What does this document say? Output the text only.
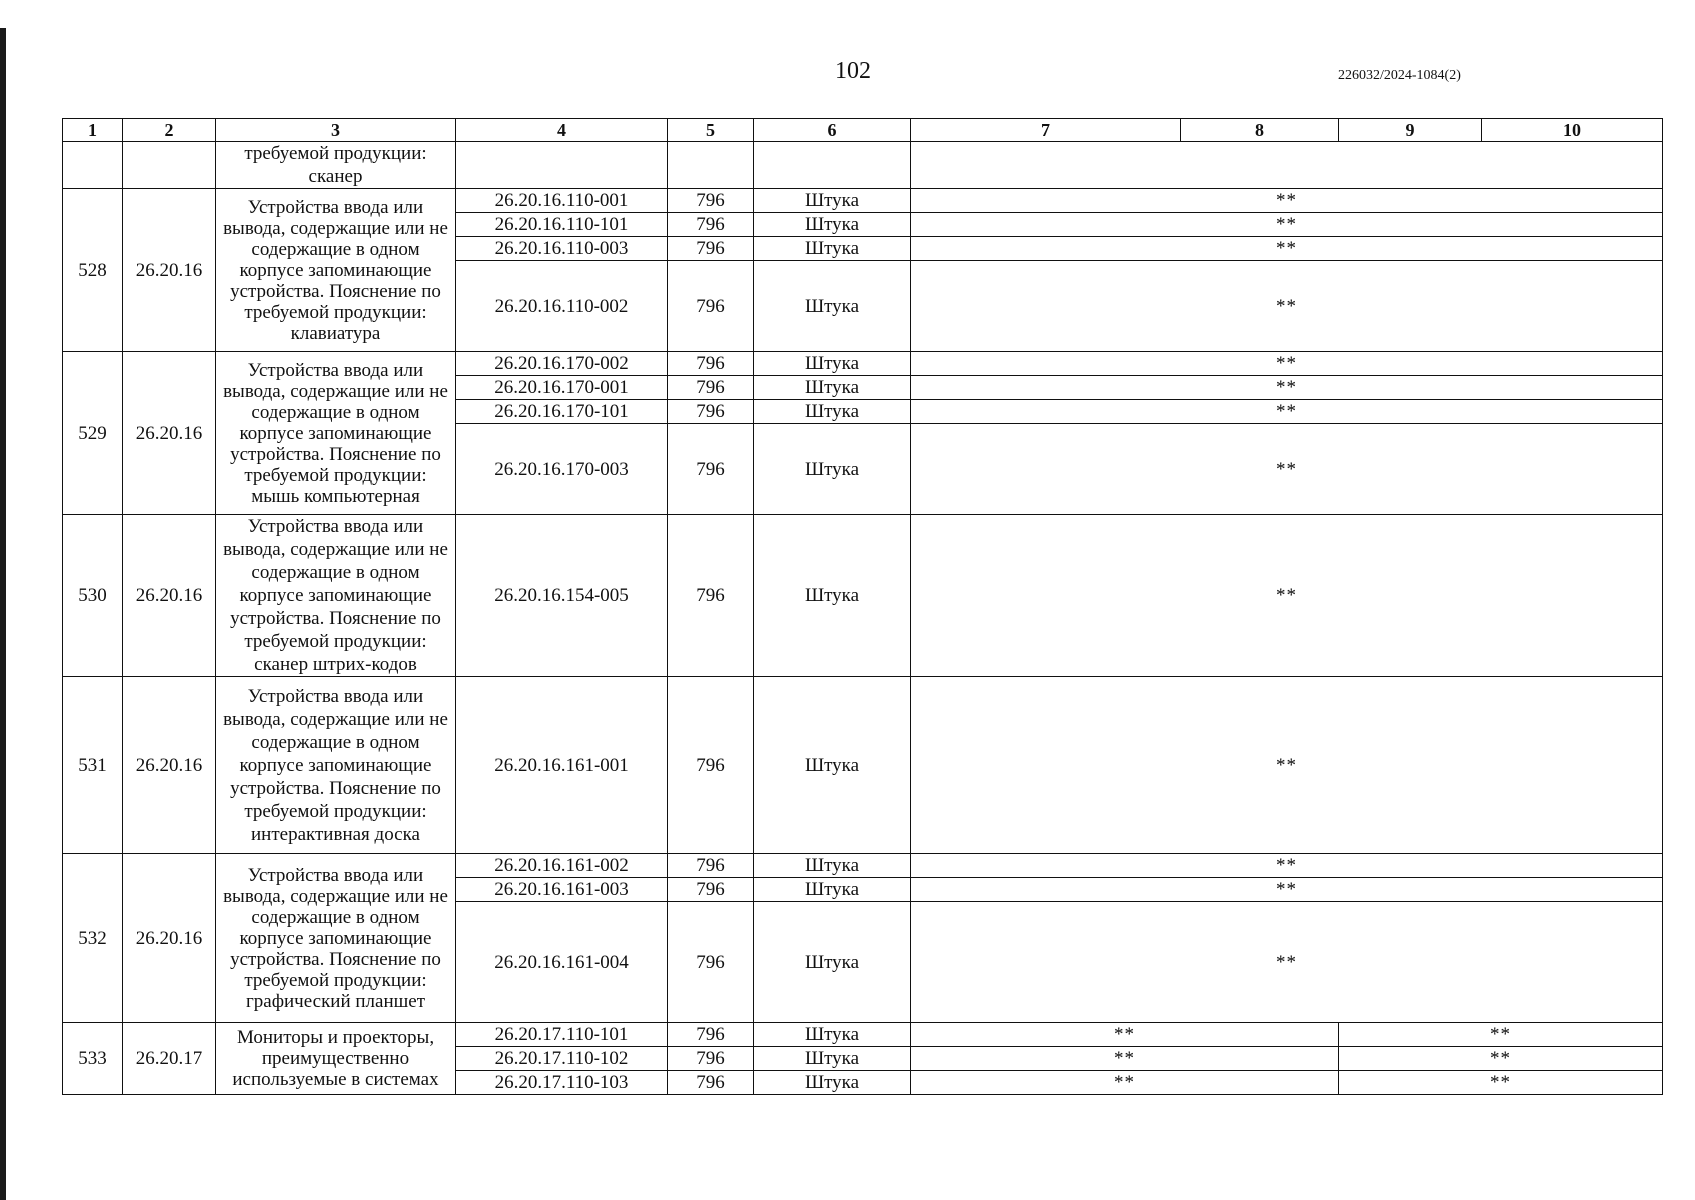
102	226032/2024-1084(2)
1	2	3	4	5	6	7	8	9	10
		требуемой продукции: сканер							
528	26.20.16	Устройства ввода или вывода, содержащие или не содержащие в одном корпусе запоминающие устройства. Пояснение по требуемой продукции: клавиатура	26.20.16.110-001	796	Штука	**			
			26.20.16.110-101	796	Штука	**			
			26.20.16.110-003	796	Штука	**			
			26.20.16.110-002	796	Штука	**			
529	26.20.16	Устройства ввода или вывода, содержащие или не содержащие в одном корпусе запоминающие устройства. Пояснение по требуемой продукции: мышь компьютерная	26.20.16.170-002	796	Штука	**			
			26.20.16.170-001	796	Штука	**			
			26.20.16.170-101	796	Штука	**			
			26.20.16.170-003	796	Штука	**			
530	26.20.16	Устройства ввода или вывода, содержащие или не содержащие в одном корпусе запоминающие устройства. Пояснение по требуемой продукции: сканер штрих-кодов	26.20.16.154-005	796	Штука	**			
531	26.20.16	Устройства ввода или вывода, содержащие или не содержащие в одном корпусе запоминающие устройства. Пояснение по требуемой продукции: интерактивная доска	26.20.16.161-001	796	Штука	**			
532	26.20.16	Устройства ввода или вывода, содержащие или не содержащие в одном корпусе запоминающие устройства. Пояснение по требуемой продукции: графический планшет	26.20.16.161-002	796	Штука	**			
			26.20.16.161-003	796	Штука	**			
			26.20.16.161-004	796	Штука	**			
533	26.20.17	Мониторы и проекторы, преимущественно используемые в системах	26.20.17.110-101	796	Штука	**		**	
			26.20.17.110-102	796	Штука	**		**	
			26.20.17.110-103	796	Штука	**		**	
